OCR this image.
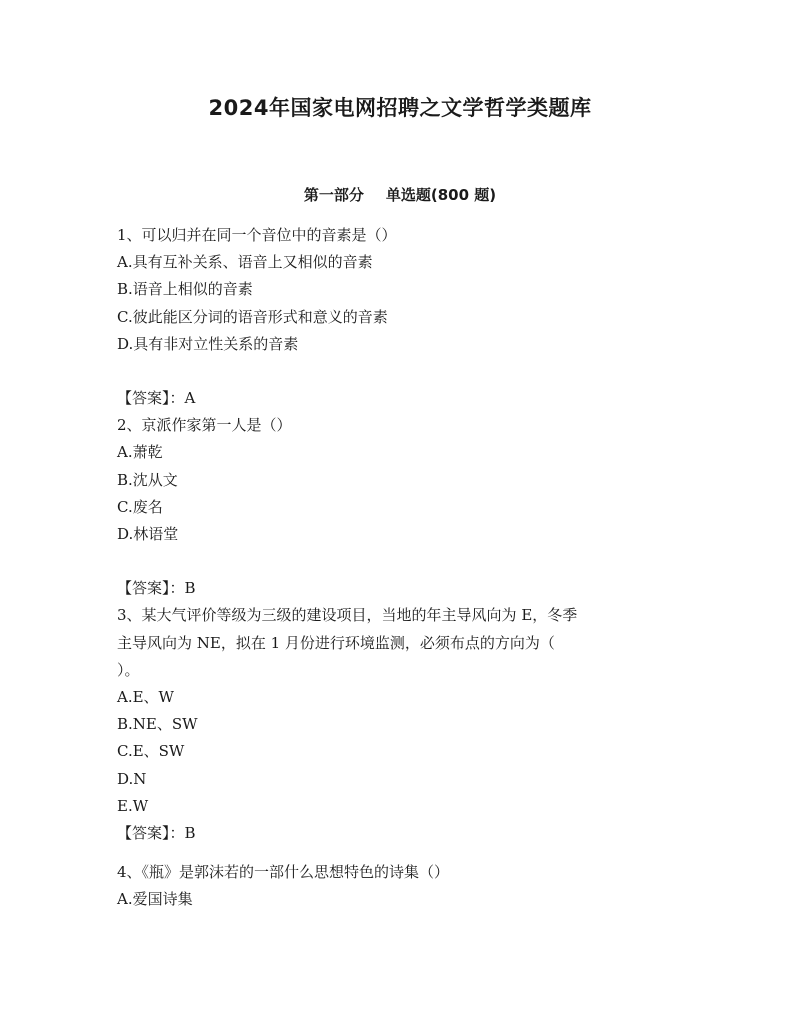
2024年国家电网招聘之文学哲学类题库
第一部分 单选题(800 题)
1、可以归并在同一个音位中的音素是（）
A.具有互补关系、语音上又相似的音素
B.语音上相似的音素
C.彼此能区分词的语音形式和意义的音素
D.具有非对立性关系的音素
【答案】：A
2、京派作家第一人是（）
A.萧乾
B.沈从文
C.废名
D.林语堂
【答案】：B
3、某大气评价等级为三级的建设项目，当地的年主导风向为 E，冬季
主导风向为 NE，拟在 1 月份进行环境监测，必须布点的方向为（
）。
A.E、W
B.NE、SW
C.E、SW
D.N
E.W
【答案】：B
4、《瓶》是郭沫若的一部什么思想特色的诗集（）
A.爱国诗集
